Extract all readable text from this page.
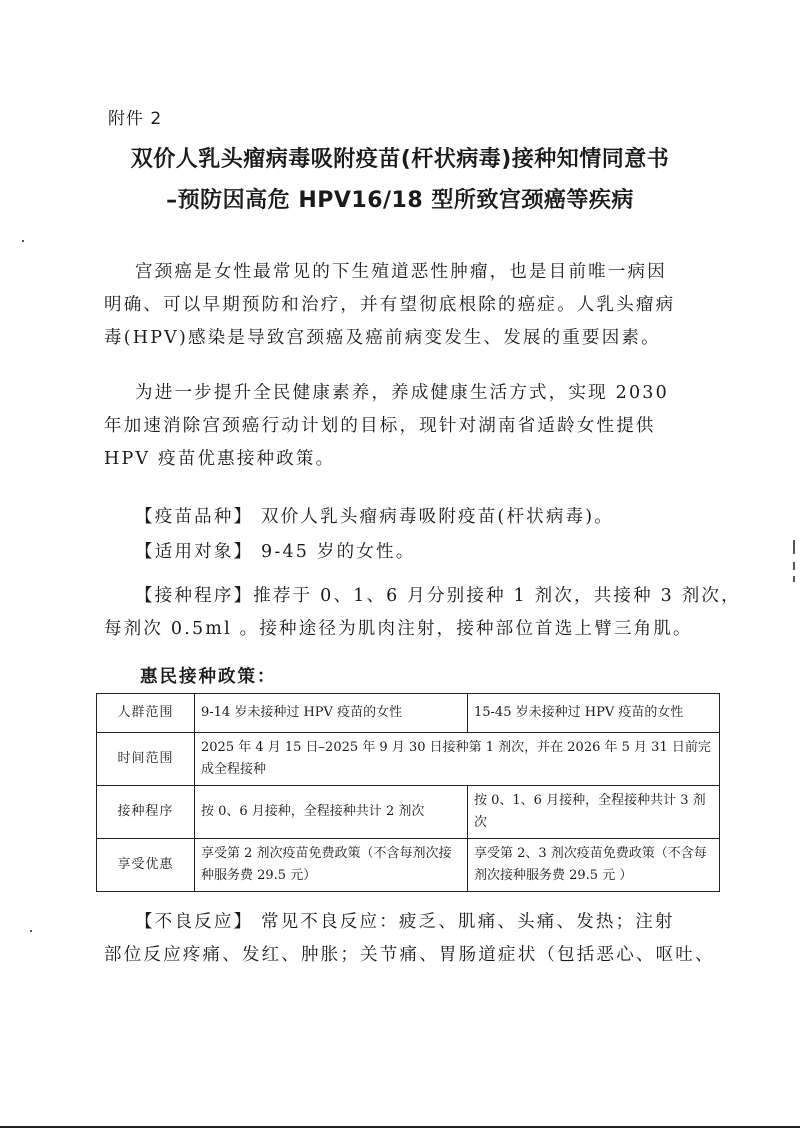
附件 2
双价人乳头瘤病毒吸附疫苗(杆状病毒)接种知情同意书
–预防因高危 HPV16/18 型所致宫颈癌等疾病
宫颈癌是女性最常见的下生殖道恶性肿瘤，也是目前唯一病因
明确、可以早期预防和治疗，并有望彻底根除的癌症。人乳头瘤病
毒(HPV)感染是导致宫颈癌及癌前病变发生、发展的重要因素。
为进一步提升全民健康素养，养成健康生活方式，实现 2030
年加速消除宫颈癌行动计划的目标，现针对湖南省适龄女性提供
HPV 疫苗优惠接种政策。
【疫苗品种】 双价人乳头瘤病毒吸附疫苗(杆状病毒)。
【适用对象】 9-45 岁的女性。
【接种程序】推荐于 0、1、6 月分别接种 1 剂次，共接种 3 剂次，
每剂次 0.5ml 。接种途径为肌肉注射，接种部位首选上臂三角肌。
惠民接种政策：
人群范围	9-14 岁未接种过 HPV 疫苗的女性	15-45 岁未接种过 HPV 疫苗的女性
时间范围	2025 年 4 月 15 日–2025 年 9 月 30 日接种第 1 剂次，并在 2026 年 5 月 31 日前完成全程接种	
接种程序	按 0、6 月接种，全程接种共计 2 剂次	按 0、1、6 月接种，全程接种共计 3 剂次
享受优惠	享受第 2 剂次疫苗免费政策（不含每剂次接种服务费 29.5 元）	享受第 2、3 剂次疫苗免费政策（不含每剂次接种服务费 29.5 元 ）
【不良反应】 常见不良反应：疲乏、肌痛、头痛、发热；注射
部位反应疼痛、发红、肿胀；关节痛、胃肠道症状（包括恶心、呕吐、
